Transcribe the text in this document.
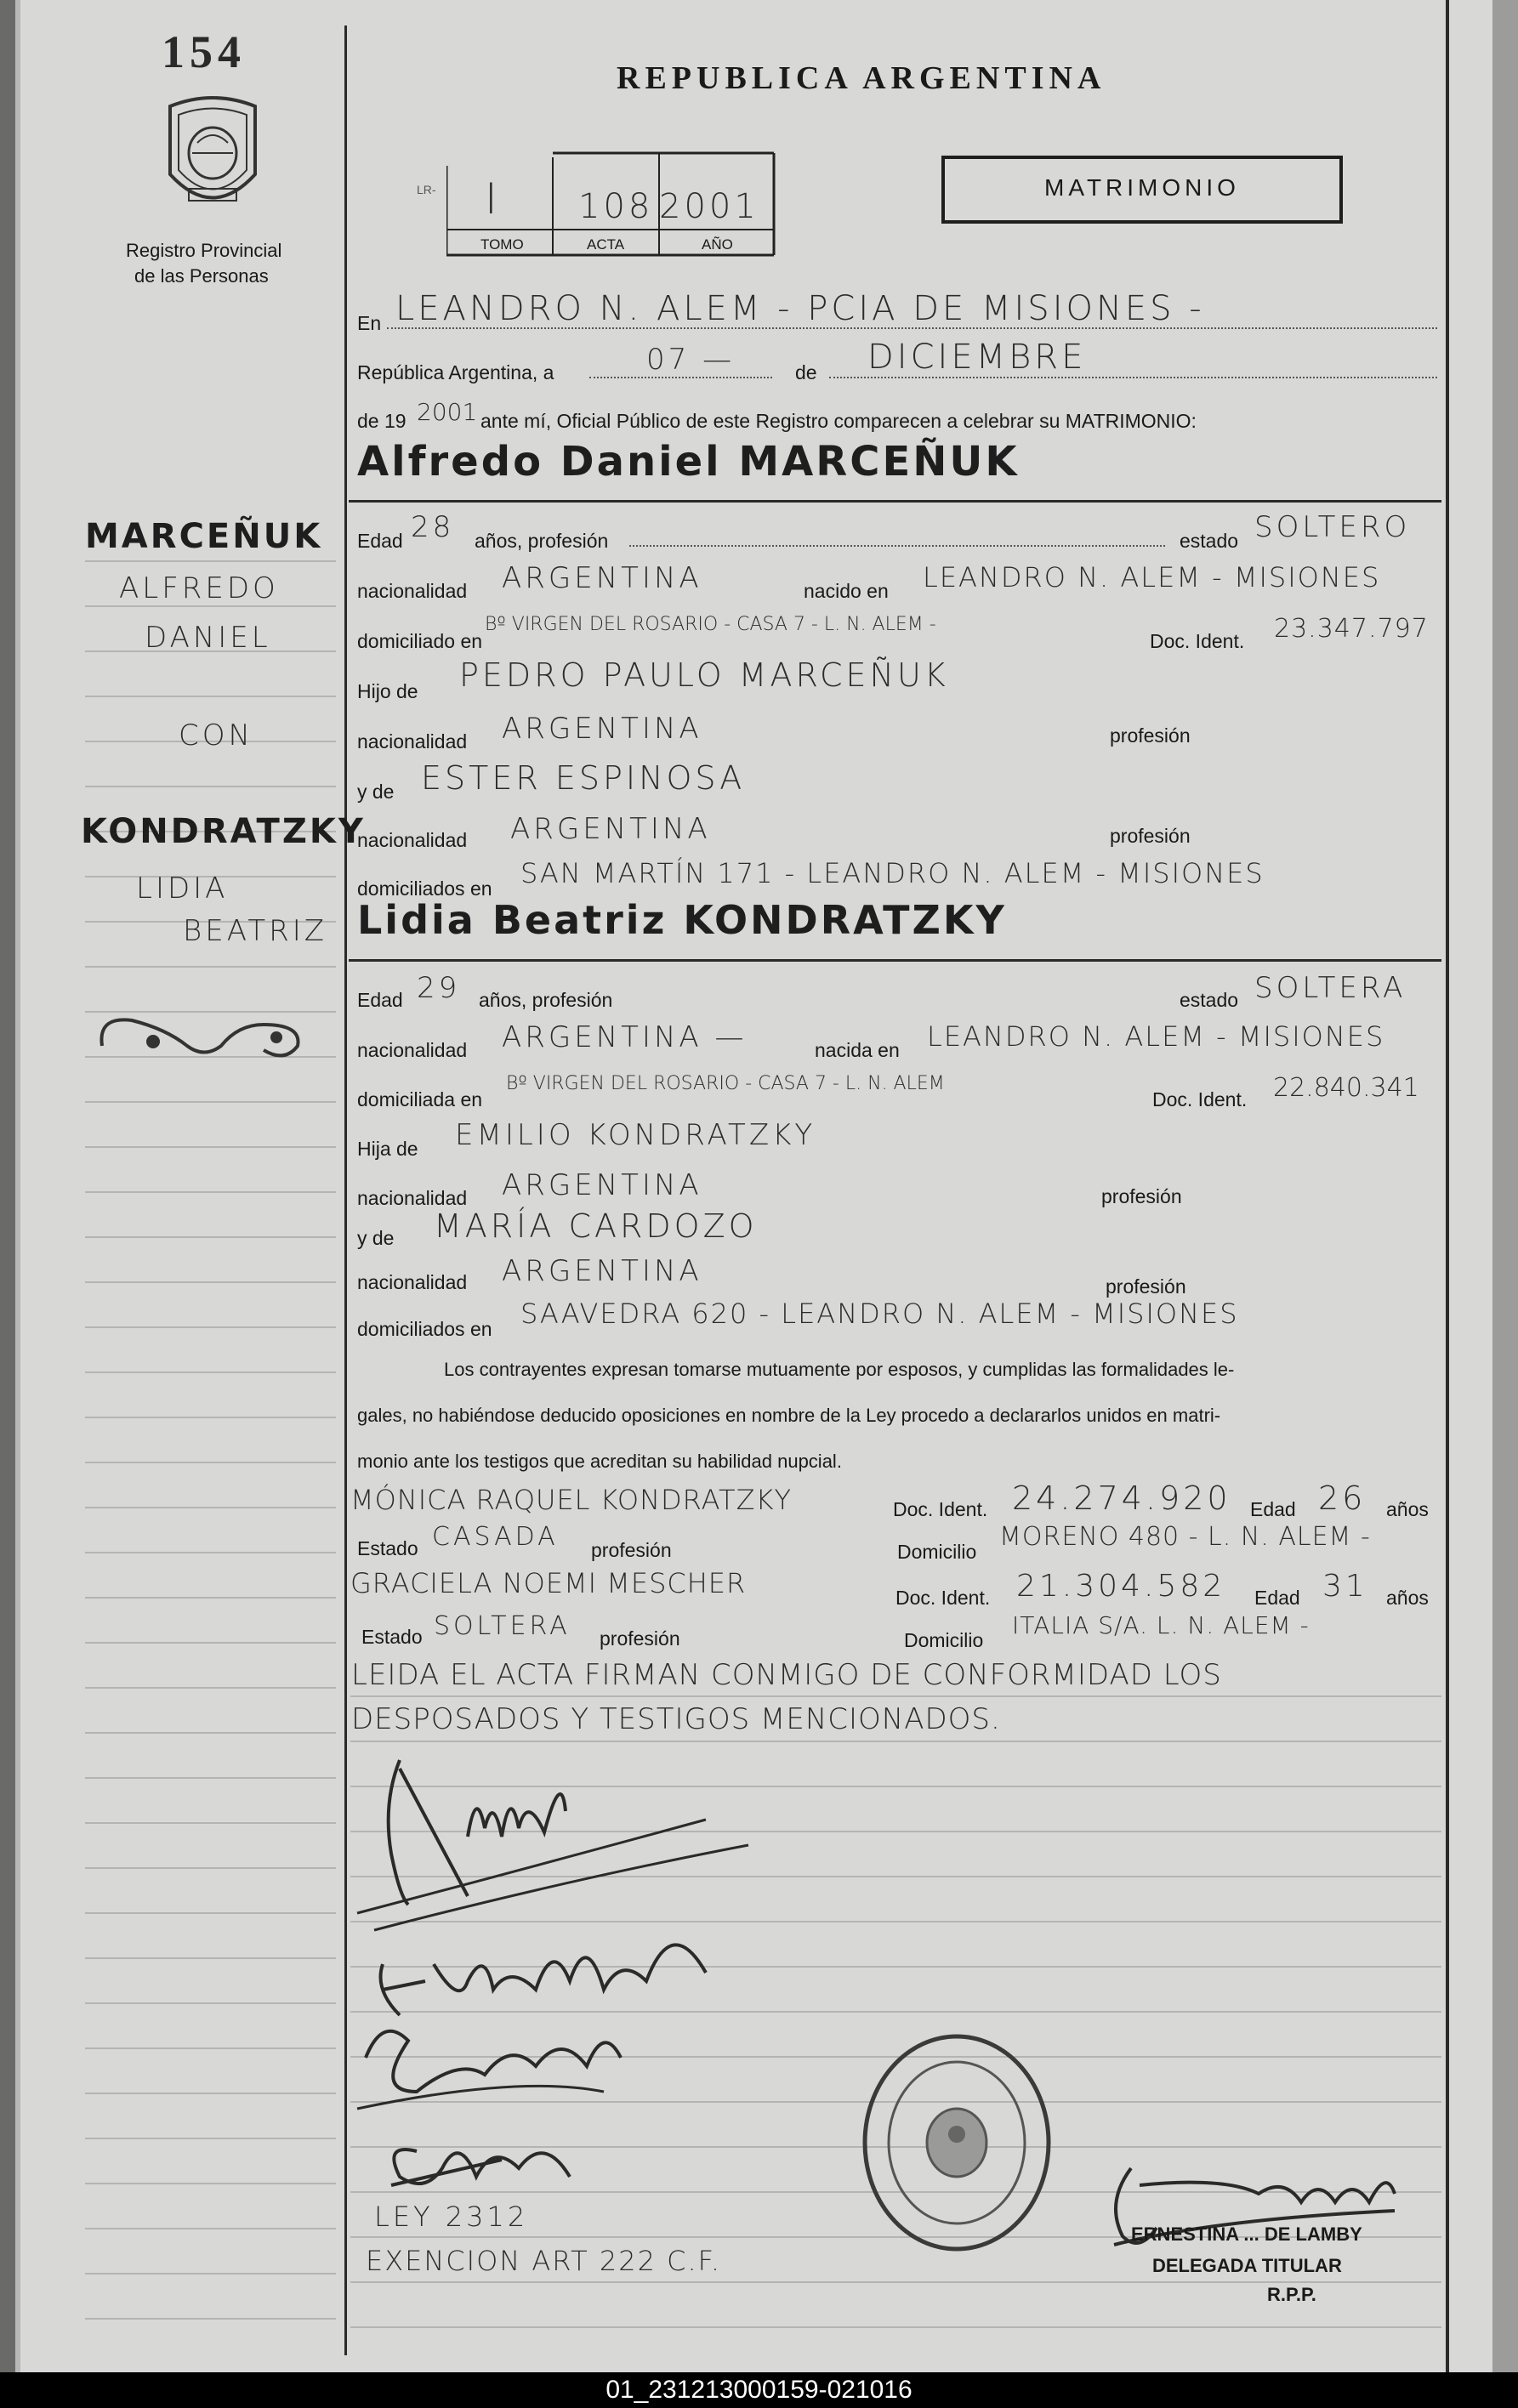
154
Registro Provincial
de las Personas
REPUBLICA ARGENTINA
MATRIMONIO
LR- I 108 2001
TOMO	ACTA	AÑO
En LEANDRO N. ALEM - PCIA DE MISIONES -
República Argentina, a	07 —	de DICIEMBRE
de 19 2001 ante mí, Oficial Público de este Registro comparecen a celebrar su MATRIMONIO:
Alfredo Daniel MARCEÑUK
MARCEÑUK
ALFREDO
DANIEL
CON
KONDRATZKY
LIDIA
BEATRIZ
Edad 28 años, profesión	estado SOLTERO
nacionalidad ARGENTINA	nacido en LEANDRO N. ALEM - MISIONES
domiciliado en
Bº VIRGEN DEL ROSARIO - CASA 7 - L. N. ALEM -
Doc. Ident. 23.347.797
Hijo de PEDRO PAULO MARCEÑUK
nacionalidad ARGENTINA	profesión
y de ESTER ESPINOSA
nacionalidad ARGENTINA	profesión
domiciliados en SAN MARTÍN 171 - LEANDRO N. ALEM - MISIONES
Lidia Beatriz KONDRATZKY
Edad 29 años, profesión	estado SOLTERA
nacionalidad ARGENTINA —	nacida en LEANDRO N. ALEM - MISIONES
domiciliada en
Bº VIRGEN DEL ROSARIO - CASA 7 - L. N. ALEM
Doc. Ident. 22.840.341
Hija de EMILIO KONDRATZKY
nacionalidad ARGENTINA	profesión
y de MARÍA CARDOZO
nacionalidad ARGENTINA	profesión
domiciliados en SAAVEDRA 620 - LEANDRO N. ALEM - MISIONES
Los contrayentes expresan tomarse mutuamente por esposos, y cumplidas las formalidades le-
gales, no habiéndose deducido oposiciones en nombre de la Ley procedo a declararlos unidos en matri-
monio ante los testigos que acreditan su habilidad nupcial.
MÓNICA RAQUEL KONDRATZKY	Doc. Ident. 24.274.920 Edad 26 años
Estado CASADA profesión	Domicilio MORENO 480 - L. N. ALEM -
GRACIELA NOEMI MESCHER	Doc. Ident. 21.304.582 Edad 31 años
Estado SOLTERA profesión	Domicilio
ITALIA S/A. L. N. ALEM -
LEIDA EL ACTA FIRMAN CONMIGO DE CONFORMIDAD LOS
DESPOSADOS Y TESTIGOS MENCIONADOS.
LEY 2312
EXENCION ART 222 C.F.
ERNESTINA ... DE LAMBY
DELEGADA TITULAR
R.P.P.
01_231213000159-021016
